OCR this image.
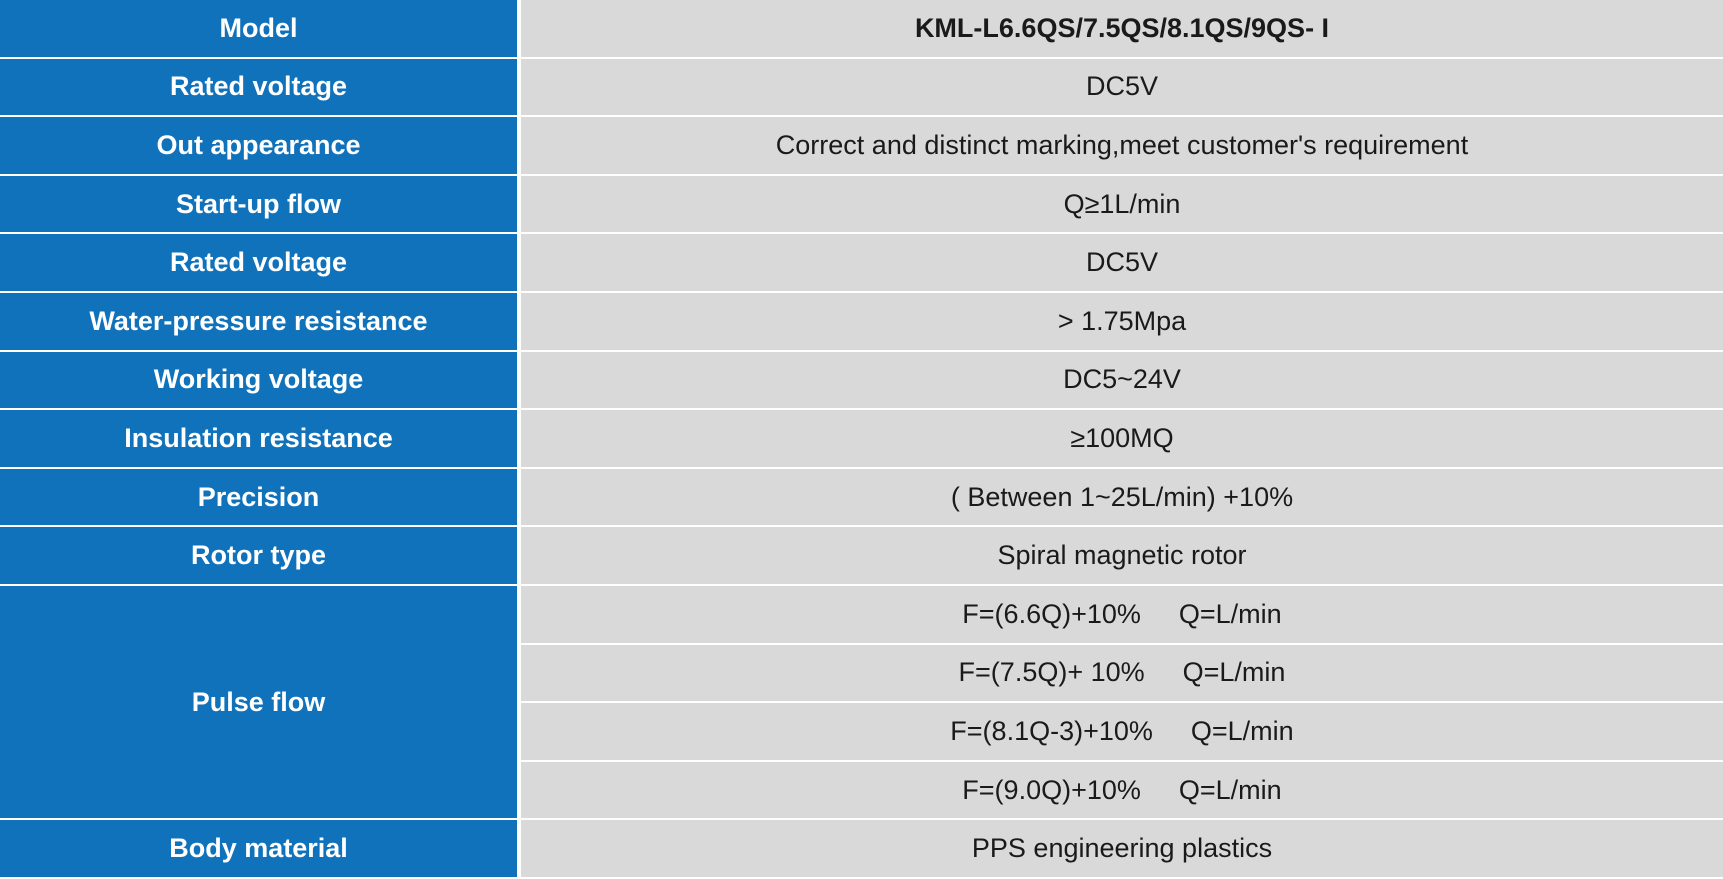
Model	KML-L6.6QS/7.5QS/8.1QS/9QS- I
Rated voltage	DC5V
Out appearance	Correct and distinct marking,meet customer's requirement
Start-up flow	Q≥1L/min
Rated voltage	DC5V
Water-pressure resistance	> 1.75Mpa
Working voltage	DC5~24V
Insulation resistance	≥100MQ
Precision	( Between 1~25L/min) +10%
Rotor type	Spiral magnetic rotor
Pulse flow	F=(6.6Q)+10% Q=L/min
	F=(7.5Q)+ 10% Q=L/min
	F=(8.1Q-3)+10% Q=L/min
	F=(9.0Q)+10% Q=L/min
Body material	PPS engineering plastics
